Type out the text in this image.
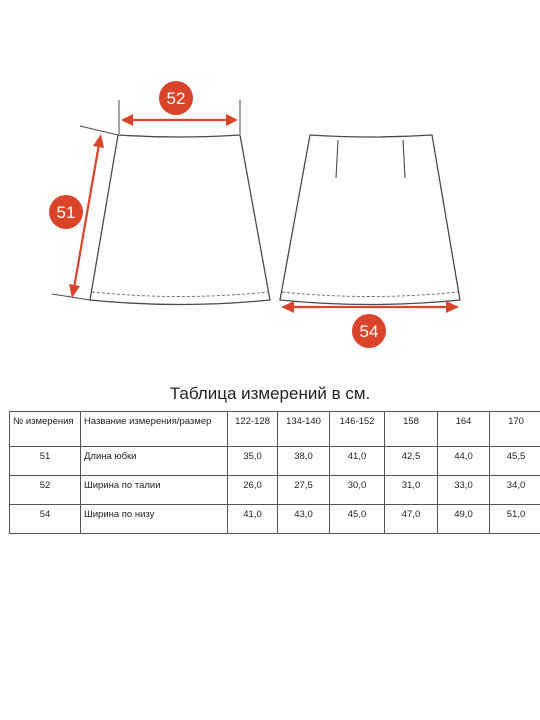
52
51
54
Таблица измерений в см.
№ измерения	Название измерения/размер	122-128	134-140	146-152	158	164	170
51	Длина юбки	35,0	38,0	41,0	42,5	44,0	45,5
52	Ширина по талии	26,0	27,5	30,0	31,0	33,0	34,0
54	Ширина по низу	41,0	43,0	45,0	47,0	49,0	51,0
